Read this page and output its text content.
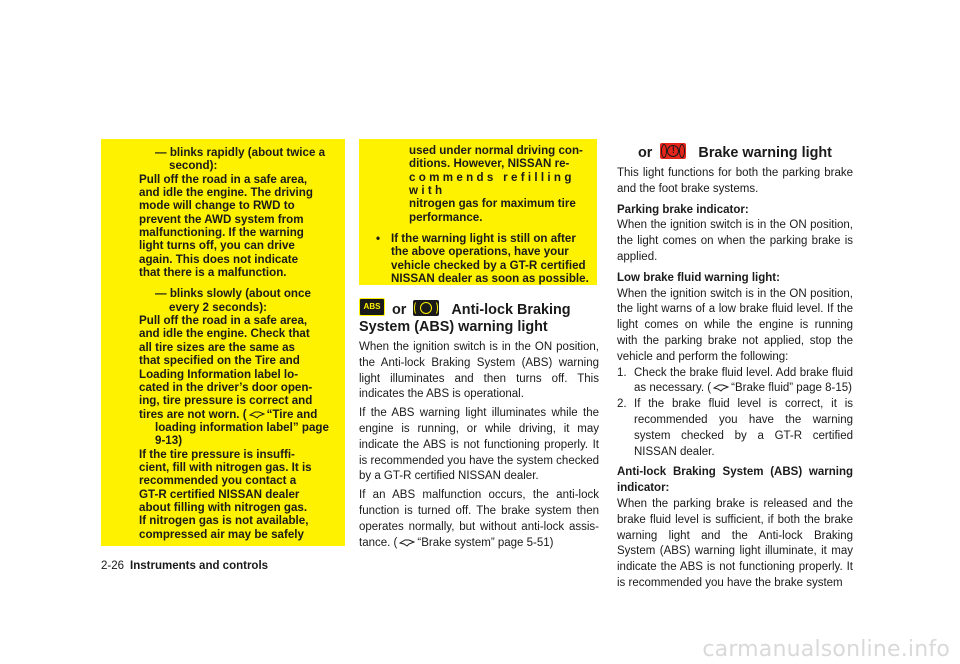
— blinks rapidly (about twice a second):
Pull off the road in a safe area,
and idle the engine. The driving
mode will change to RWD to
prevent the AWD system from
malfunctioning. If the warning
light turns off, you can drive
again. This does not indicate
that there is a malfunction.
— blinks slowly (about once every 2 seconds):
Pull off the road in a safe area,
and idle the engine. Check that
all tire sizes are the same as
that specified on the Tire and
Loading Information label lo-
cated in the driver’s door open-
ing, tire pressure is correct and
tires are not worn. ( “Tire and loading information label” page 9-13)
If the tire pressure is insuffi-
cient, fill with nitrogen gas. It is
recommended you contact a
GT-R certified NISSAN dealer
about filling with nitrogen gas.
If nitrogen gas is not available,
compressed air may be safely
used under normal driving con-
ditions. However, NISSAN re-
commends refilling with
nitrogen gas for maximum tire
performance.
• If the warning light is still on after
the above operations, have your
vehicle checked by a GT-R certified
NISSAN dealer as soon as possible.
ABS or	Anti-lock Braking
System (ABS) warning light

When the ignition switch is in the ON position, the Anti-lock Braking System (ABS) warning light illuminates and then turns off. This indicates the ABS is operational.

If the ABS warning light illuminates while the engine is running, or while driving, it may indicate the ABS is not functioning properly. It is recommended you have the system checked by a GT-R certified NISSAN dealer.

If an ABS malfunction occurs, the anti-lock function is turned off. The brake system then operates normally, but without anti-lock assis- tance. ( “Brake system” page 5-51)

or	!	Brake warning light

This light functions for both the parking brake and the foot brake systems.

Parking brake indicator:

When the ignition switch is in the ON position, the light comes on when the parking brake is applied.

Low brake fluid warning light:

When the ignition switch is in the ON position, the light warns of a low brake fluid level. If the light comes on while the engine is running with the parking brake not applied, stop the vehicle and perform the following:

1. Check the brake fluid level. Add brake fluid as necessary. ( “Brake fluid” page 8-15)
2. If the brake fluid level is correct, it is recommended you have the warning system checked by a GT-R certified NISSAN dealer.
Anti-lock Braking System (ABS) warning indicator:

When the parking brake is released and the brake fluid level is sufficient, if both the brake warning light and the Anti-lock Braking System (ABS) warning light illuminate, it may indicate the ABS is not functioning properly. It is recommended you have the brake system

2-26 Instruments and controls
carmanualsonline.info
